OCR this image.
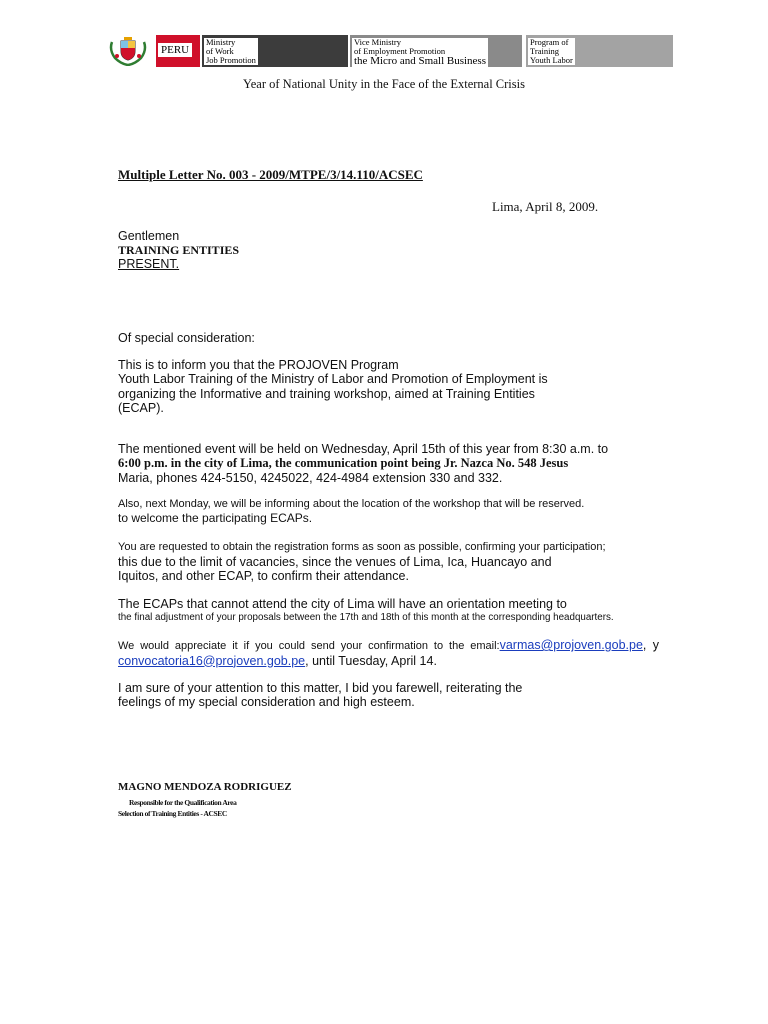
PERU
Ministry
of Work
Job Promotion
Vice Ministry
of Employment Promotion
the Micro and Small Business
Program of
Training
Youth Labor
Year of National Unity in the Face of the External Crisis
Multiple Letter No. 003 - 2009/MTPE/3/14.110/ACSEC
Lima, April 8, 2009.
Gentlemen
TRAINING ENTITIES
PRESENT.
Of special consideration:
This is to inform you that the PROJOVEN Program
Youth Labor Training of the Ministry of Labor and Promotion of Employment is
organizing the Informative and training workshop, aimed at Training Entities
(ECAP).
The mentioned event will be held on Wednesday, April 15th of this year from 8:30 a.m. to
6:00 p.m. in the city of Lima, the communication point being Jr. Nazca No. 548 Jesus
Maria, phones 424-5150, 4245022, 424-4984 extension 330 and 332.
Also, next Monday, we will be informing about the location of the workshop that will be reserved.
to welcome the participating ECAPs.
You are requested to obtain the registration forms as soon as possible, confirming your participation;
this due to the limit of vacancies, since the venues of Lima, Ica, Huancayo and
Iquitos, and other ECAP, to confirm their attendance.
The ECAPs that cannot attend the city of Lima will have an orientation meeting to
the final adjustment of your proposals between the 17th and 18th of this month at the corresponding headquarters.
We would appreciate it if you could send your confirmation to the email:varmas@projoven.gob.pe, y
convocatoria16@projoven.gob.pe, until Tuesday, April 14.
I am sure of your attention to this matter, I bid you farewell, reiterating the
feelings of my special consideration and high esteem.
MAGNO MENDOZA RODRIGUEZ
Responsible for the Qualification Area
Selection of Training Entities - ACSEC
